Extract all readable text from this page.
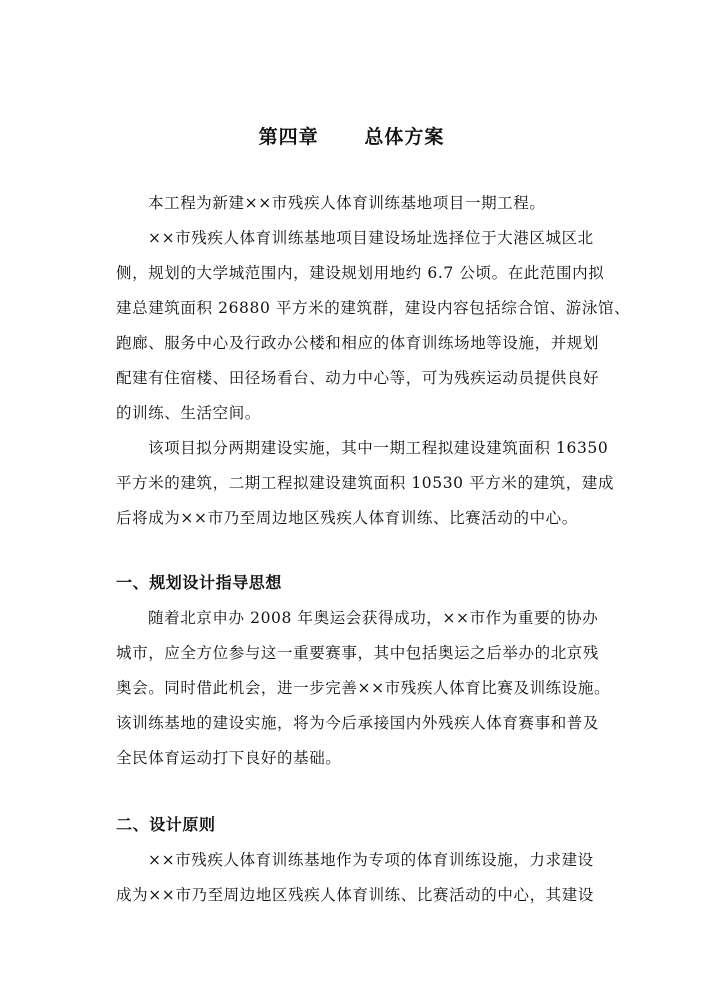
第四章      总体方案
本工程为新建××市残疾人体育训练基地项目一期工程。
××市残疾人体育训练基地项目建设场址选择位于大港区城区北
侧，规划的大学城范围内，建设规划用地约 6.7 公顷。在此范围内拟
建总建筑面积 26880 平方米的建筑群，建设内容包括综合馆、游泳馆、
跑廊、服务中心及行政办公楼和相应的体育训练场地等设施，并规划
配建有住宿楼、田径场看台、动力中心等，可为残疾运动员提供良好
的训练、生活空间。
该项目拟分两期建设实施，其中一期工程拟建设建筑面积 16350
平方米的建筑，二期工程拟建设建筑面积 10530 平方米的建筑，建成
后将成为××市乃至周边地区残疾人体育训练、比赛活动的中心。
一、规划设计指导思想
随着北京申办 2008 年奥运会获得成功，××市作为重要的协办
城市，应全方位参与这一重要赛事，其中包括奥运之后举办的北京残
奥会。同时借此机会，进一步完善××市残疾人体育比赛及训练设施。
该训练基地的建设实施，将为今后承接国内外残疾人体育赛事和普及
全民体育运动打下良好的基础。
二、设计原则
××市残疾人体育训练基地作为专项的体育训练设施，力求建设
成为××市乃至周边地区残疾人体育训练、比赛活动的中心，其建设
